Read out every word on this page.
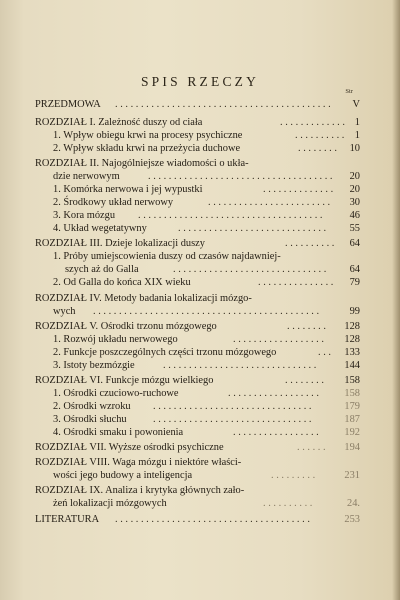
SPIS RZECZY
Str
PRZEDMOWA ..........................................	V
ROZDZIAŁ I. Zależność duszy od ciała	............. 1
1. Wpływ obiegu krwi na procesy psychiczne	.......... 1
2. Wpływ składu krwi na przeżycia duchowe	........ 10
ROZDZIAŁ II. Najogólniejsze wiadomości o ukła-
dzie nerwowym	....................................	20
1. Komórka nerwowa i jej wypustki	..............	20
2. Środkowy układ nerwowy	........................	30
3. Kora mózgu ....................................	46
4. Układ wegetatywny	.............................	55
ROZDZIAŁ III. Dzieje lokalizacji duszy	..........	64
1. Próby umiejscowienia duszy od czasów najdawniej-
szych aż do Galla	..............................	64
2. Od Galla do końca XIX wieku	...............	79
ROZDZIAŁ IV. Metody badania lokalizacji mózgo-
wych ............................................	99
ROZDZIAŁ V. Ośrodki trzonu mózgowego	........	128
1. Rozwój układu nerwowego	..................	128
2. Funkcje poszczególnych części trzonu mózgowego	...	133
3. Istoty bezmózgie	..............................	144
ROZDZIAŁ VI. Funkcje mózgu wielkiego	........	158
1. Ośrodki czuciowo-ruchowe	..................	158
2. Ośrodki wzroku ...............................	179
3. Ośrodki słuchu	...............................	187
4. Ośrodki smaku i powonienia	.................	192
ROZDZIAŁ VII. Wyższe ośrodki psychiczne	......	194
ROZDZIAŁ VIII. Waga mózgu i niektóre właści-
wości jego budowy a inteligencja	.........	231
ROZDZIAŁ IX. Analiza i krytyka głównych zało-
żeń lokalizacji mózgowych	..........	24.
LITERATURA ......................................	253
